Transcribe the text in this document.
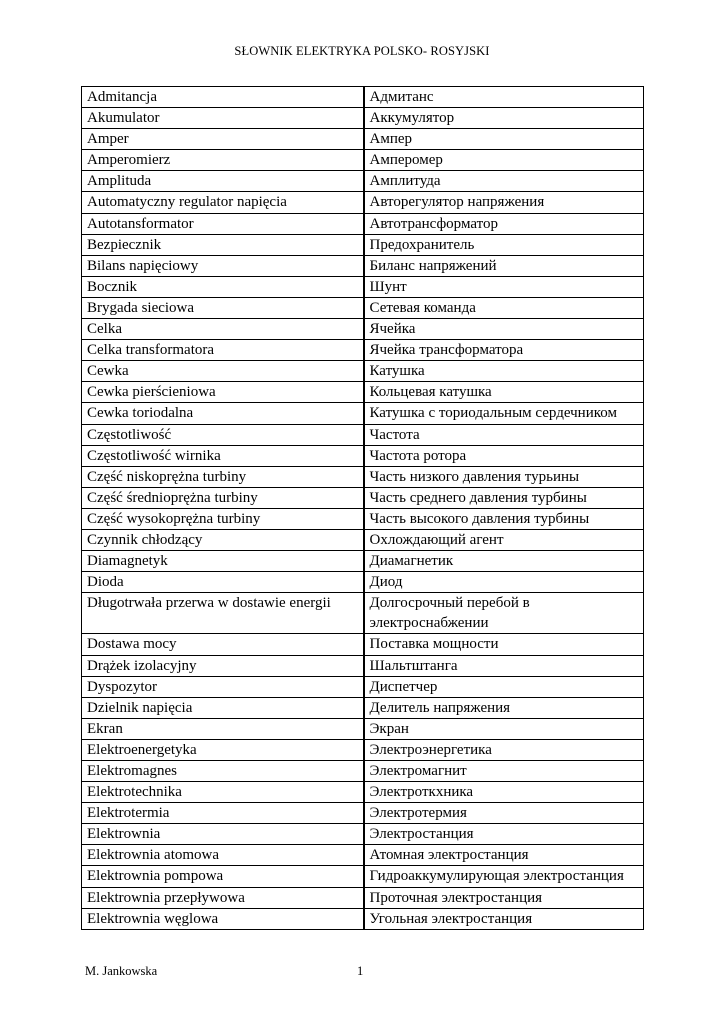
SŁOWNIK ELEKTRYKA POLSKO- ROSYJSKI
Admitancja	Адмитанс
Akumulator	Аккумулятор
Amper	Ампер
Amperomierz	Амперомер
Amplituda	Амплитуда
Automatyczny regulator napięcia	Авторегулятор напряжения
Autotansformator	Автотрансформатор
Bezpiecznik	Предохранитель
Bilans napięciowy	Биланс напряжений
Bocznik	Шунт
Brygada sieciowa	Сетевая команда
Celka	Ячейка
Celka transformatora	Ячейка трансформатора
Cewka	Катушка
Cewka pierścieniowa	Кольцевая катушка
Cewka toriodalna	Катушка с ториодальным сердечником
Częstotliwość	Частота
Częstotliwość wirnika	Частота ротора
Część niskoprężna turbiny	Часть низкого давления турьины
Część średnioprężna turbiny	Часть среднего давления турбины
Część wysokoprężna turbiny	Часть высокого давления турбины
Czynnik chłodzący	Охлождающий агент
Diamagnetyk	Диамагнетик
Dioda	Диод
Długotrwała przerwa w dostawie energii	Долгосрочный перебой в электроснабжении
Dostawa mocy	Поставка мощности
Drążek izolacyjny	Шальтштанга
Dyspozytor	Диспетчер
Dzielnik napięcia	Делитель напряжения
Ekran	Экран
Elektroenergetyka	Электроэнергетика
Elektromagnes	Электромагнит
Elektrotechnika	Электроткхника
Elektrotermia	Электротермия
Elektrownia	Электростанция
Elektrownia atomowa	Атомная электростанция
Elektrownia pompowa	Гидроаккумулирующая электростанция
Elektrownia przepływowa	Проточная электростанция
Elektrownia węglowa	Угольная электростанция
M. Jankowska	1
